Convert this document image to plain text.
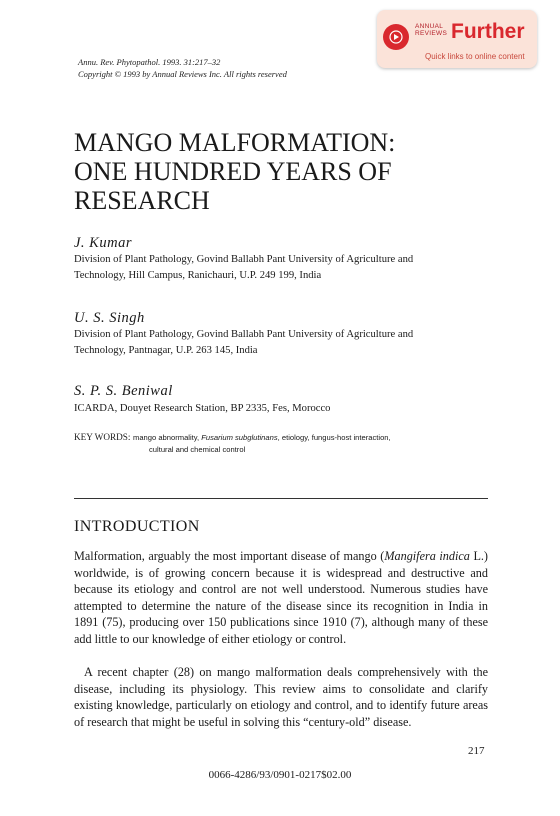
ANNUAL
REVIEWS Further
Quick links to online content
Annu. Rev. Phytopathol. 1993. 31:217–32
Copyright © 1993 by Annual Reviews Inc. All rights reserved
MANGO MALFORMATION:
ONE HUNDRED YEARS OF
RESEARCH
J. Kumar
Division of Plant Pathology, Govind Ballabh Pant University of Agriculture and
Technology, Hill Campus, Ranichauri, U.P. 249 199, India
U. S. Singh
Division of Plant Pathology, Govind Ballabh Pant University of Agriculture and
Technology, Pantnagar, U.P. 263 145, India
S. P. S. Beniwal
ICARDA, Douyet Research Station, BP 2335, Fes, Morocco
KEY WORDS: mango abnormality, Fusarium subglutinans, etiology, fungus-host interaction,
cultural and chemical control
INTRODUCTION

Malformation, arguably the most important disease of mango (Mangifera indica L.) worldwide, is of growing concern because it is widespread and destructive and because its etiology and control are not well understood. Numerous studies have attempted to determine the nature of the disease since its recognition in India in 1891 (75), producing over 150 publications since 1910 (7), although many of these add little to our knowledge of either etiology or control.

A recent chapter (28) on mango malformation deals comprehensively with the disease, including its physiology. This review aims to consolidate and clarify existing knowledge, particularly on etiology and control, and to identify future areas of research that might be useful in solving this “century-old” disease.

217
0066-4286/93/0901-0217$02.00
